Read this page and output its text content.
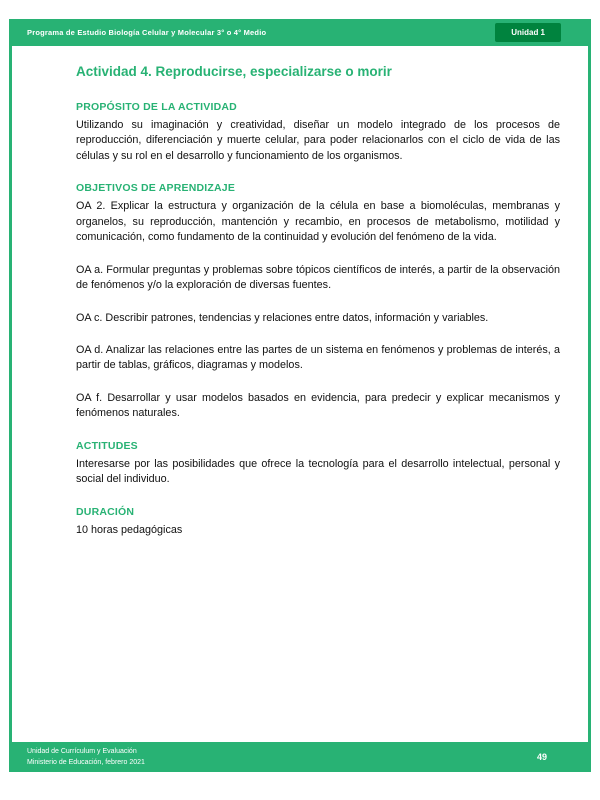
Programa de Estudio Biología Celular y Molecular 3° o 4° Medio	Unidad 1
Actividad 4. Reproducirse, especializarse o morir
PROPÓSITO DE LA ACTIVIDAD

Utilizando su imaginación y creatividad, diseñar un modelo integrado de los procesos de reproducción, diferenciación y muerte celular, para poder relacionarlos con el ciclo de vida de las células y su rol en el desarrollo y funcionamiento de los organismos.

OBJETIVOS DE APRENDIZAJE

OA 2. Explicar la estructura y organización de la célula en base a biomoléculas, membranas y organelos, su reproducción, mantención y recambio, en procesos de metabolismo, motilidad y comunicación, como fundamento de la continuidad y evolución del fenómeno de la vida.

OA a. Formular preguntas y problemas sobre tópicos científicos de interés, a partir de la observación de fenómenos y/o la exploración de diversas fuentes.

OA c. Describir patrones, tendencias y relaciones entre datos, información y variables.

OA d. Analizar las relaciones entre las partes de un sistema en fenómenos y problemas de interés, a partir de tablas, gráficos, diagramas y modelos.

OA f. Desarrollar y usar modelos basados en evidencia, para predecir y explicar mecanismos y fenómenos naturales.

ACTITUDES

Interesarse por las posibilidades que ofrece la tecnología para el desarrollo intelectual, personal y social del individuo.

DURACIÓN

10 horas pedagógicas

Unidad de Currículum y Evaluación
Ministerio de Educación, febrero 2021
49
